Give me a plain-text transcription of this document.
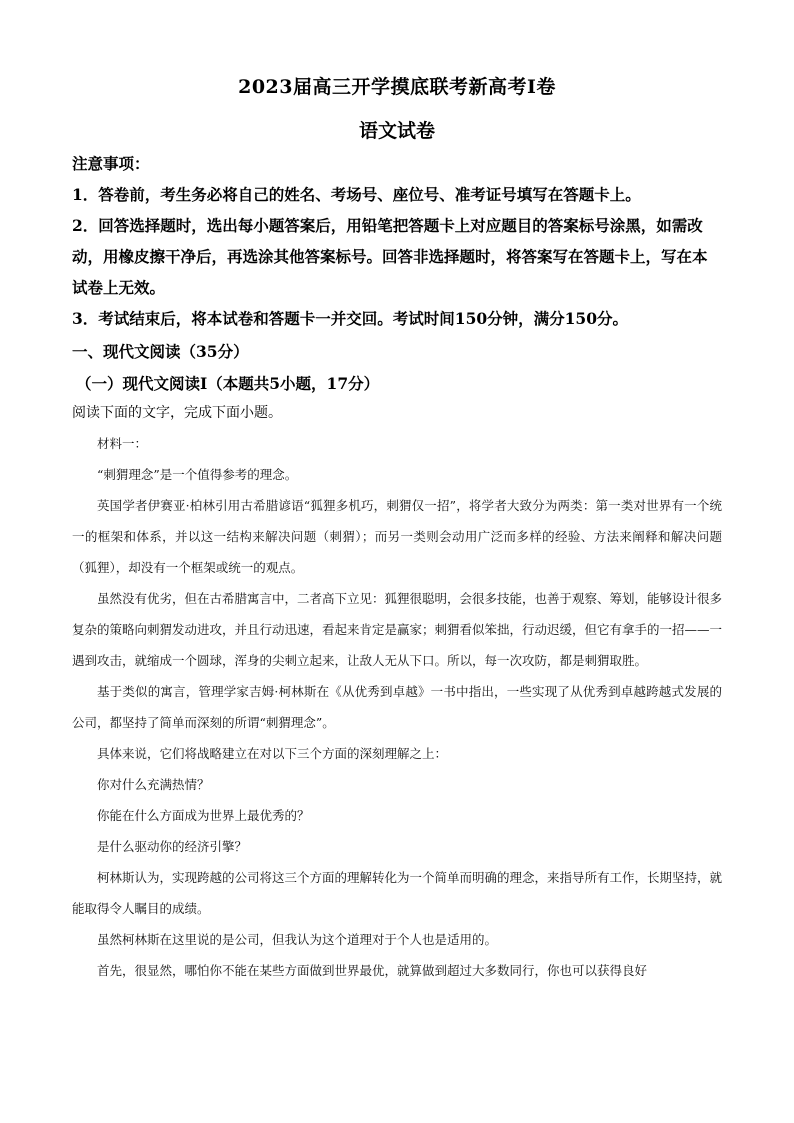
2023届高三开学摸底联考新高考Ⅰ卷
语文试卷

注意事项：

1．答卷前，考生务必将自己的姓名、考场号、座位号、准考证号填写在答题卡上。

2．回答选择题时，选出每小题答案后，用铅笔把答题卡上对应题目的答案标号涂黑，如需改动，用橡皮擦干净后，再选涂其他答案标号。回答非选择题时，将答案写在答题卡上，写在本试卷上无效。

3．考试结束后，将本试卷和答题卡一并交回。考试时间150分钟，满分150分。

一、现代文阅读（35分）
（一）现代文阅读Ⅰ（本题共5小题，17分）
阅读下面的文字，完成下面小题。

材料一：

“刺猬理念”是一个值得参考的理念。

英国学者伊赛亚·柏林引用古希腊谚语“狐狸多机巧，刺猬仅一招”，将学者大致分为两类：第一类对世界有一个统一的框架和体系，并以这一结构来解决问题（刺猬）；而另一类则会动用广泛而多样的经验、方法来阐释和解决问题（狐狸），却没有一个框架或统一的观点。

虽然没有优劣，但在古希腊寓言中，二者高下立见：狐狸很聪明，会很多技能，也善于观察、筹划，能够设计很多复杂的策略向刺猬发动进攻，并且行动迅速，看起来肯定是赢家；刺猬看似笨拙，行动迟缓，但它有拿手的一招——一遇到攻击，就缩成一个圆球，浑身的尖刺立起来，让敌人无从下口。所以，每一次攻防，都是刺猬取胜。

基于类似的寓言，管理学家吉姆·柯林斯在《从优秀到卓越》一书中指出，一些实现了从优秀到卓越跨越式发展的公司，都坚持了简单而深刻的所谓“刺猬理念”。

具体来说，它们将战略建立在对以下三个方面的深刻理解之上：

你对什么充满热情？

你能在什么方面成为世界上最优秀的？

是什么驱动你的经济引擎？

柯林斯认为，实现跨越的公司将这三个方面的理解转化为一个简单而明确的理念，来指导所有工作，长期坚持，就能取得令人瞩目的成绩。

虽然柯林斯在这里说的是公司，但我认为这个道理对于个人也是适用的。

首先，很显然，哪怕你不能在某些方面做到世界最优，就算做到超过大多数同行，你也可以获得良好
